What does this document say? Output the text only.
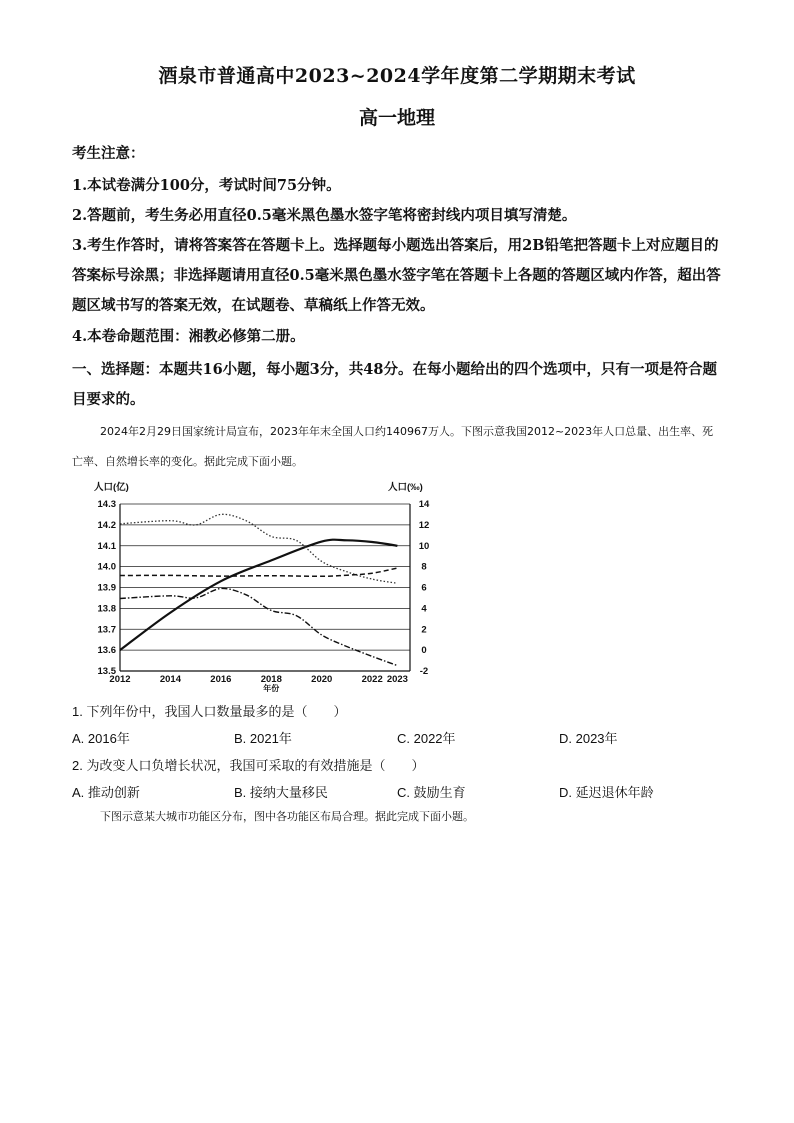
酒泉市普通高中2023~2024学年度第二学期期末考试
高一地理
考生注意：
1.本试卷满分100分，考试时间75分钟。
2.答题前，考生务必用直径0.5毫米黑色墨水签字笔将密封线内项目填写清楚。
3.考生作答时，请将答案答在答题卡上。选择题每小题选出答案后，用2B铅笔把答题卡上对应题目的答案标号涂黑；非选择题请用直径0.5毫米黑色墨水签字笔在答题卡上各题的答题区域内作答，超出答题区域书写的答案无效，在试题卷、草稿纸上作答无效。
4.本卷命题范围：湘教必修第二册。
一、选择题：本题共16小题，每小题3分，共48分。在每小题给出的四个选项中，只有一项是符合题目要求的。
2024年2月29日国家统计局宣布，2023年年末全国人口约140967万人。下图示意我国2012~2023年人口总量、出生率、死亡率、自然增长率的变化。据此完成下面小题。
13.5
13.6
13.7
13.8
13.9
14.0
14.1
14.2
14.3
-2
0
2
4
6
8
10
12
14
2012	2014	2016	2018	2020	2022 2023
年份
人口(亿)	人口(‰)
1. 下列年份中，我国人口数量最多的是（　　）
A. 2016年	B. 2021年	C. 2022年	D. 2023年
2. 为改变人口负增长状况，我国可采取的有效措施是（　　）
A. 推动创新	B. 接纳大量移民	C. 鼓励生育	D. 延迟退休年龄
下图示意某大城市功能区分布，图中各功能区布局合理。据此完成下面小题。
